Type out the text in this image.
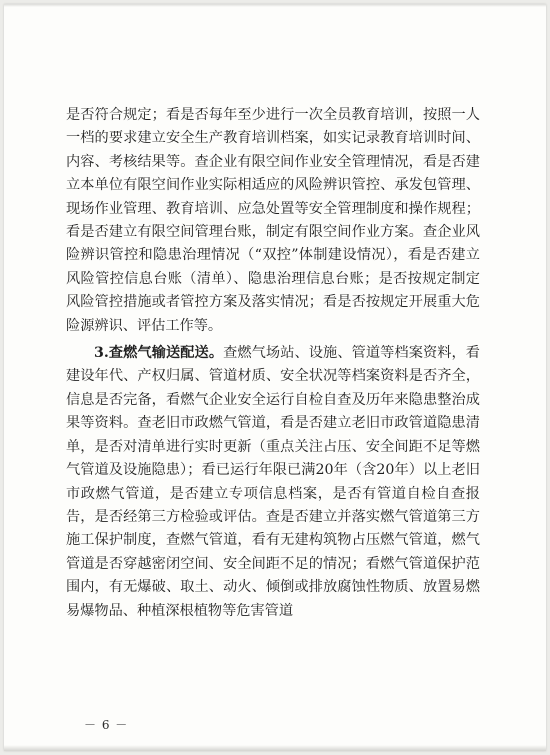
是否符合规定；看是否每年至少进行一次全员教育培训，按照一人一档的要求建立安全生产教育培训档案，如实记录教育培训时间、内容、考核结果等。查企业有限空间作业安全管理情况，看是否建立本单位有限空间作业实际相适应的风险辨识管控、承发包管理、现场作业管理、教育培训、应急处置等安全管理制度和操作规程；看是否建立有限空间管理台账，制定有限空间作业方案。查企业风险辨识管控和隐患治理情况（“双控”体制建设情况），看是否建立风险管控信息台账（清单）、隐患治理信息台账；是否按规定制定风险管控措施或者管控方案及落实情况；看是否按规定开展重大危险源辨识、评估工作等。

3.查燃气输送配送。查燃气场站、设施、管道等档案资料，看建设年代、产权归属、管道材质、安全状况等档案资料是否齐全，信息是否完备，看燃气企业安全运行自检自查及历年来隐患整治成果等资料。查老旧市政燃气管道，看是否建立老旧市政管道隐患清单，是否对清单进行实时更新（重点关注占压、安全间距不足等燃气管道及设施隐患）；看已运行年限已满20年（含20年）以上老旧市政燃气管道，是否建立专项信息档案，是否有管道自检自查报告，是否经第三方检验或评估。查是否建立并落实燃气管道第三方施工保护制度，查燃气管道，看有无建构筑物占压燃气管道，燃气管道是否穿越密闭空间、安全间距不足的情况；看燃气管道保护范围内，有无爆破、取土、动火、倾倒或排放腐蚀性物质、放置易燃易爆物品、种植深根植物等危害管道

－ 6 －
